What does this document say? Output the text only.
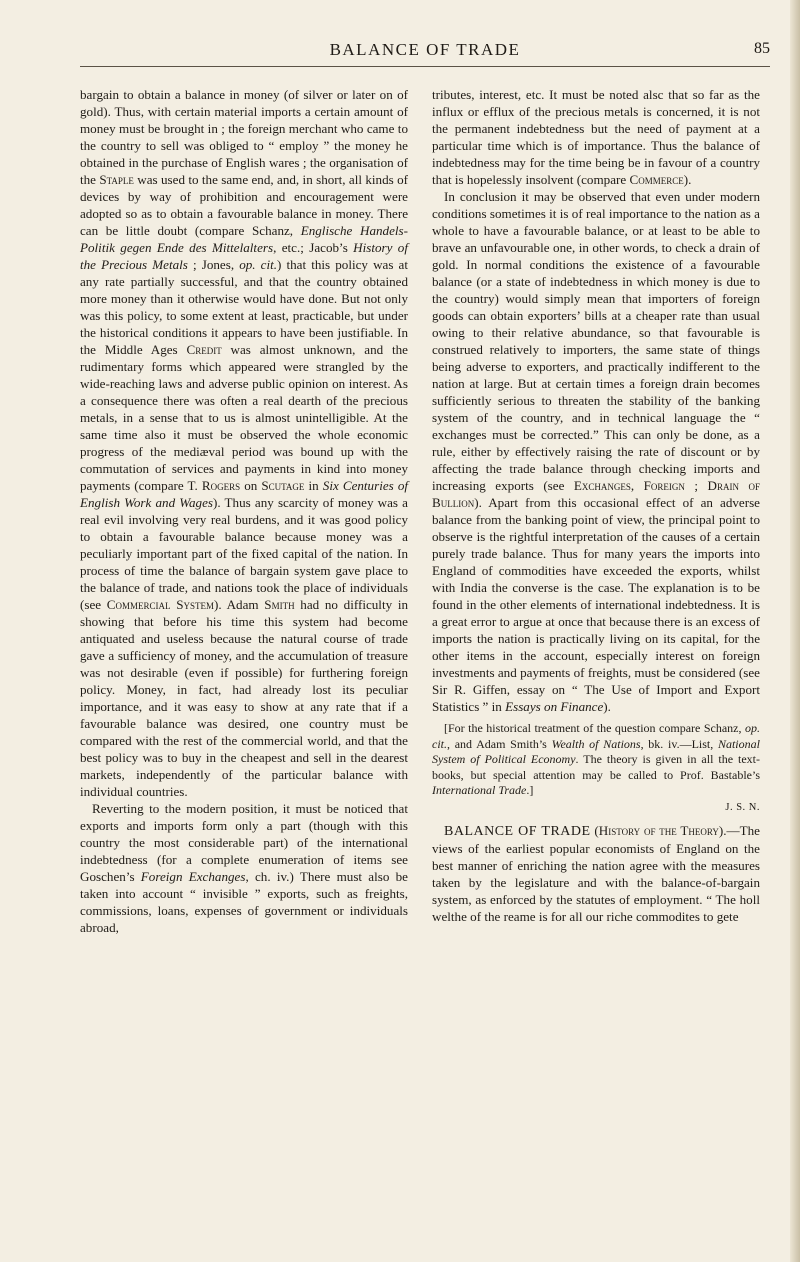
BALANCE OF TRADE	85

bargain to obtain a balance in money (of silver or later on of gold). Thus, with certain material imports a certain amount of money must be brought in ; the foreign merchant who came to the country to sell was obliged to “ employ ” the money he obtained in the purchase of English wares ; the organisation of the Staple was used to the same end, and, in short, all kinds of devices by way of prohibition and encouragement were adopted so as to obtain a favourable balance in money. There can be little doubt (compare Schanz, Englische Handels-Politik gegen Ende des Mittelalters, etc.; Jacob’s History of the Precious Metals ; Jones, op. cit.) that this policy was at any rate partially successful, and that the country obtained more money than it otherwise would have done. But not only was this policy, to some extent at least, practicable, but under the historical conditions it appears to have been justifiable. In the Middle Ages Credit was almost unknown, and the rudimentary forms which appeared were strangled by the wide-reaching laws and adverse public opinion on interest. As a consequence there was often a real dearth of the precious metals, in a sense that to us is almost unintelligible. At the same time also it must be observed the whole economic progress of the mediæval period was bound up with the commutation of services and payments in kind into money payments (compare T. Rogers on Scutage in Six Centuries of English Work and Wages). Thus any scarcity of money was a real evil involving very real burdens, and it was good policy to obtain a favourable balance because money was a peculiarly important part of the fixed capital of the nation. In process of time the balance of bargain system gave place to the balance of trade, and nations took the place of individuals (see Commercial System). Adam Smith had no difficulty in showing that before his time this system had become antiquated and useless because the natural course of trade gave a sufficiency of money, and the accumulation of treasure was not desirable (even if possible) for furthering foreign policy. Money, in fact, had already lost its peculiar importance, and it was easy to show at any rate that if a favourable balance was desired, one country must be compared with the rest of the commercial world, and that the best policy was to buy in the cheapest and sell in the dearest markets, independently of the particular balance with individual countries.

Reverting to the modern position, it must be noticed that exports and imports form only a part (though with this country the most considerable part) of the international indebtedness (for a complete enumeration of items see Goschen’s Foreign Exchanges, ch. iv.) There must also be taken into account “ invisible ” exports, such as freights, commissions, loans, expenses of government or individuals abroad,

tributes, interest, etc. It must be noted alsc that so far as the influx or efflux of the precious metals is concerned, it is not the permanent indebtedness but the need of payment at a particular time which is of importance. Thus the balance of indebtedness may for the time being be in favour of a country that is hopelessly insolvent (compare Commerce).

In conclusion it may be observed that even under modern conditions sometimes it is of real importance to the nation as a whole to have a favourable balance, or at least to be able to brave an unfavourable one, in other words, to check a drain of gold. In normal conditions the existence of a favourable balance (or a state of indebtedness in which money is due to the country) would simply mean that importers of foreign goods can obtain exporters’ bills at a cheaper rate than usual owing to their relative abundance, so that favourable is construed relatively to importers, the same state of things being adverse to exporters, and practically indifferent to the nation at large. But at certain times a foreign drain becomes sufficiently serious to threaten the stability of the banking system of the country, and in technical language the “ exchanges must be corrected.” This can only be done, as a rule, either by effectively raising the rate of discount or by affecting the trade balance through checking imports and increasing exports (see Exchanges, Foreign ; Drain of Bullion). Apart from this occasional effect of an adverse balance from the banking point of view, the principal point to observe is the rightful interpretation of the causes of a certain purely trade balance. Thus for many years the imports into England of commodities have exceeded the exports, whilst with India the converse is the case. The explanation is to be found in the other elements of international indebtedness. It is a great error to argue at once that because there is an excess of imports the nation is practically living on its capital, for the other items in the account, especially interest on foreign investments and payments of freights, must be considered (see Sir R. Giffen, essay on “ The Use of Import and Export Statistics ” in Essays on Finance).

[For the historical treatment of the question compare Schanz, op. cit., and Adam Smith’s Wealth of Nations, bk. iv.—List, National System of Political Economy. The theory is given in all the text-books, but special attention may be called to Prof. Bastable’s International Trade.]

J. S. N.

BALANCE OF TRADE (History of the Theory).—The views of the earliest popular economists of England on the best manner of enriching the nation agree with the measures taken by the legislature and with the balance-of-bargain system, as enforced by the statutes of employment. “ The holl welthe of the reame is for all our riche commodites to gete
